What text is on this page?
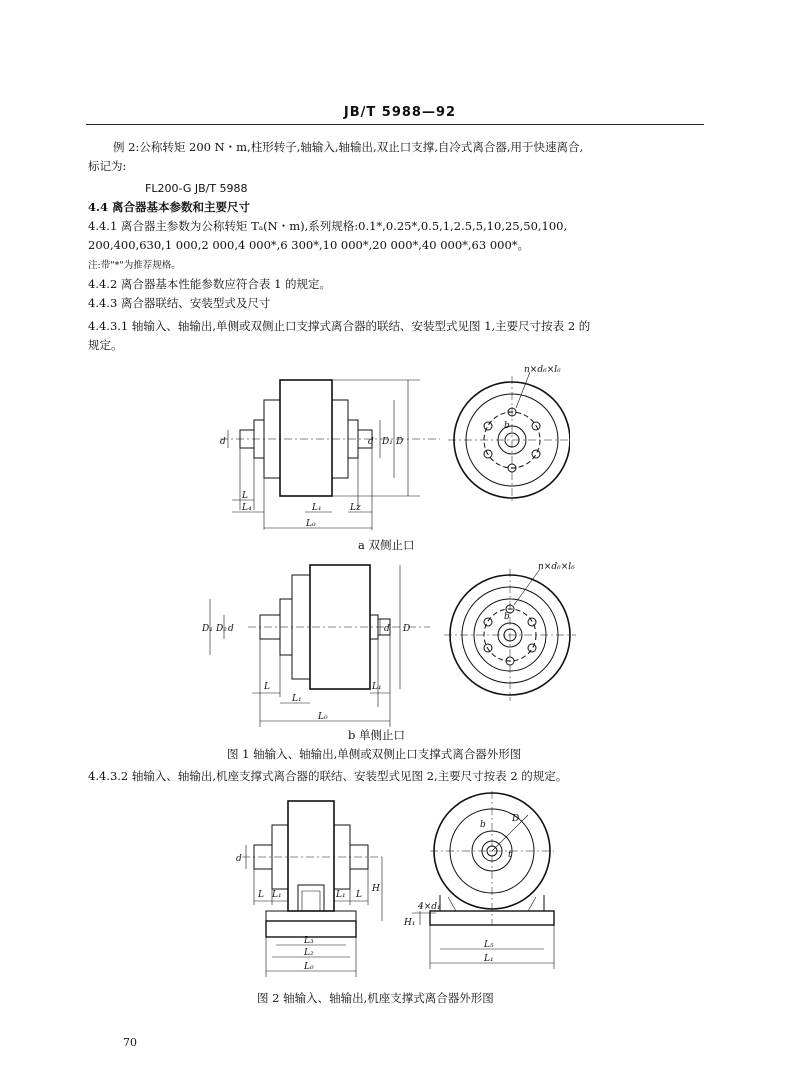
JB/T 5988—92
例 2:公称转矩 200 N・m,柱形转子,轴输入,轴输出,双止口支撑,自冷式离合器,用于快速离合,
标记为:
FL200-G JB/T 5988
4.4 离合器基本参数和主要尺寸
4.4.1 离合器主参数为公称转矩 Tₐ(N・m),系列规格:0.1*,0.25*,0.5,1,2.5,5,10,25,50,100,
200,400,630,1 000,2 000,4 000*,6 300*,10 000*,20 000*,40 000*,63 000*。
注:带"*"为推荐规格。
4.4.2 离合器基本性能参数应符合表 1 的规定。
4.4.3 离合器联结、安装型式及尺寸
4.4.3.1 轴输入、轴输出,单侧或双侧止口支撑式离合器的联结、安装型式见图 1,主要尺寸按表 2 的
规定。
d
L
L₄	L₁	Lz
L₀
d D₁ D
n×d₆×l₆
b
a 双侧止口
D₁ D₂ d
L
L₁
L₁
L₀
d D
n×d₆×l₆
b
b 单侧止口
图 1 轴输入、轴输出,单侧或双侧止口支撑式离合器外形图
4.4.3.2 轴输入、轴输出,机座支撑式离合器的联结、安装型式见图 2,主要尺寸按表 2 的规定。
d
L L₁	L₁ L
L₃
L₂
L₀
H
4×d₁
H₁
L₅
L₁
b
D
t
图 2 轴输入、轴输出,机座支撑式离合器外形图
70
